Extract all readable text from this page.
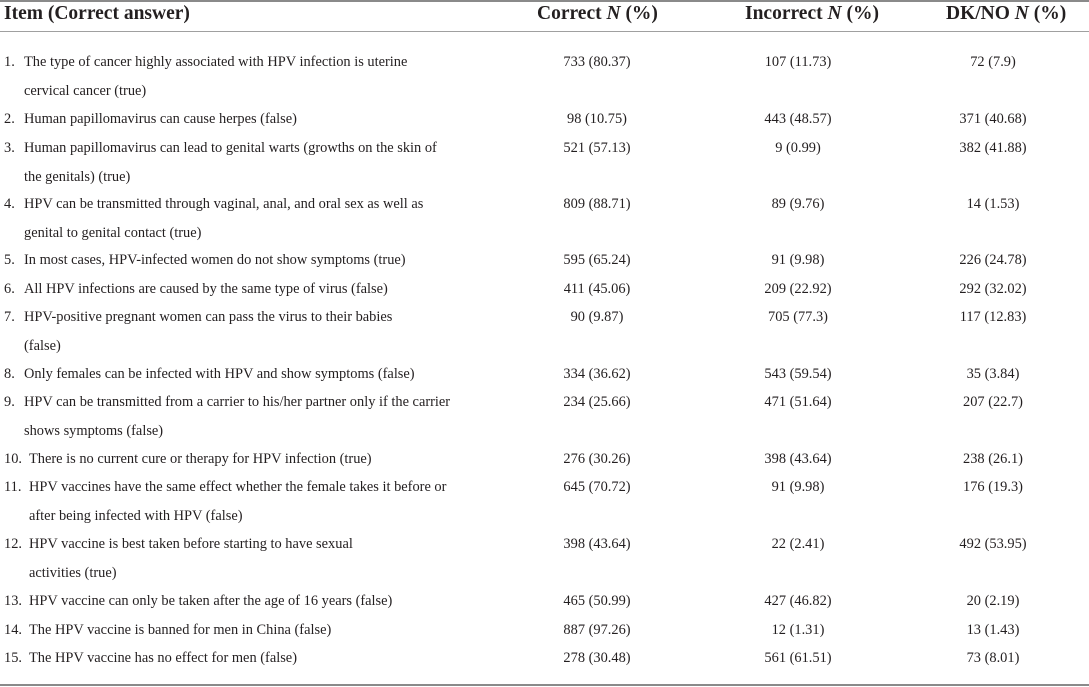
Item (Correct answer)	Correct N (%)	Incorrect N (%)	DK/NO N (%)
1. The type of cancer highly associated with HPV infection is uterine cervical cancer (true)
733 (80.37)	107 (11.73)	72 (7.9)
2. Human papillomavirus can cause herpes (false)	98 (10.75)	443 (48.57)	371 (40.68)
3. Human papillomavirus can lead to genital warts (growths on the skin of the genitals) (true)
521 (57.13)	9 (0.99)	382 (41.88)
4. HPV can be transmitted through vaginal, anal, and oral sex as well as genital to genital contact (true)
809 (88.71)	89 (9.76)	14 (1.53)
5. In most cases, HPV-infected women do not show symptoms (true)	595 (65.24)	91 (9.98)	226 (24.78)
6. All HPV infections are caused by the same type of virus (false)	411 (45.06)	209 (22.92)	292 (32.02)
7. HPV-positive pregnant women can pass the virus to their babies (false)
90 (9.87)	705 (77.3)	117 (12.83)
8. Only females can be infected with HPV and show symptoms (false)	334 (36.62)	543 (59.54)	35 (3.84)
9. HPV can be transmitted from a carrier to his/her partner only if the carrier shows symptoms (false)
234 (25.66)	471 (51.64)	207 (22.7)
10. There is no current cure or therapy for HPV infection (true)	276 (30.26)	398 (43.64)	238 (26.1)
11. HPV vaccines have the same effect whether the female takes it before or after being infected with HPV (false)
645 (70.72)	91 (9.98)	176 (19.3)
12. HPV vaccine is best taken before starting to have sexual activities (true)
398 (43.64)	22 (2.41)	492 (53.95)
13. HPV vaccine can only be taken after the age of 16 years (false)	465 (50.99)	427 (46.82)	20 (2.19)
14. The HPV vaccine is banned for men in China (false)	887 (97.26)	12 (1.31)	13 (1.43)
15. The HPV vaccine has no effect for men (false)	278 (30.48)	561 (61.51)	73 (8.01)
